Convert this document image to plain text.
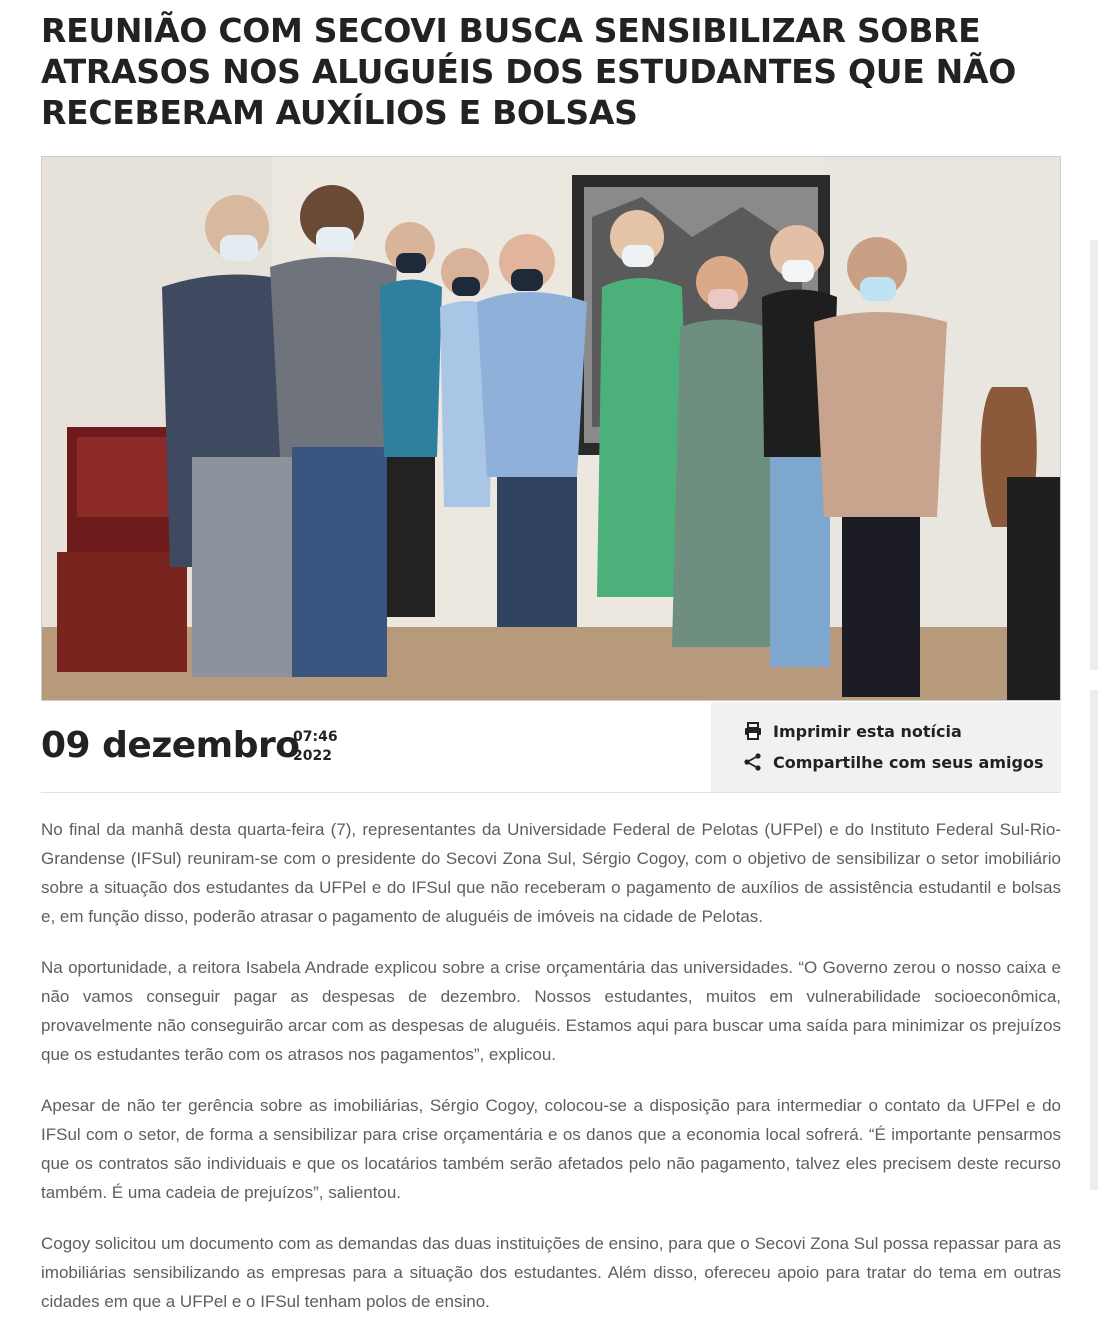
REUNIÃO COM SECOVI BUSCA SENSIBILIZAR SOBRE ATRASOS NOS ALUGUÉIS DOS ESTUDANTES QUE NÃO RECEBERAM AUXÍLIOS E BOLSAS
09 dezembro
07:46
2022
Imprimir esta notícia
Compartilhe com seus amigos

No final da manhã desta quarta-feira (7), representantes da Universidade Federal de Pelotas (UFPel) e do Instituto Federal Sul-Rio-Grandense (IFSul) reuniram-se com o presidente do Secovi Zona Sul, Sérgio Cogoy, com o objetivo de sensibilizar o setor imobiliário sobre a situação dos estudantes da UFPel e do IFSul que não receberam o pagamento de auxílios de assistência estudantil e bolsas e, em função disso, poderão atrasar o pagamento de aluguéis de imóveis na cidade de Pelotas.

Na oportunidade, a reitora Isabela Andrade explicou sobre a crise orçamentária das universidades. “O Governo zerou o nosso caixa e não vamos conseguir pagar as despesas de dezembro. Nossos estudantes, muitos em vulnerabilidade socioeconômica, provavelmente não conseguirão arcar com as despesas de aluguéis. Estamos aqui para buscar uma saída para minimizar os prejuízos que os estudantes terão com os atrasos nos pagamentos”, explicou.

Apesar de não ter gerência sobre as imobiliárias, Sérgio Cogoy, colocou-se a disposição para intermediar o contato da UFPel e do IFSul com o setor, de forma a sensibilizar para crise orçamentária e os danos que a economia local sofrerá. “É importante pensarmos que os contratos são individuais e que os locatários também serão afetados pelo não pagamento, talvez eles precisem deste recurso também. É uma cadeia de prejuízos”, salientou.

Cogoy solicitou um documento com as demandas das duas instituições de ensino, para que o Secovi Zona Sul possa repassar para as imobiliárias sensibilizando as empresas para a situação dos estudantes. Além disso, ofereceu apoio para tratar do tema em outras cidades em que a UFPel e o IFSul tenham polos de ensino.
